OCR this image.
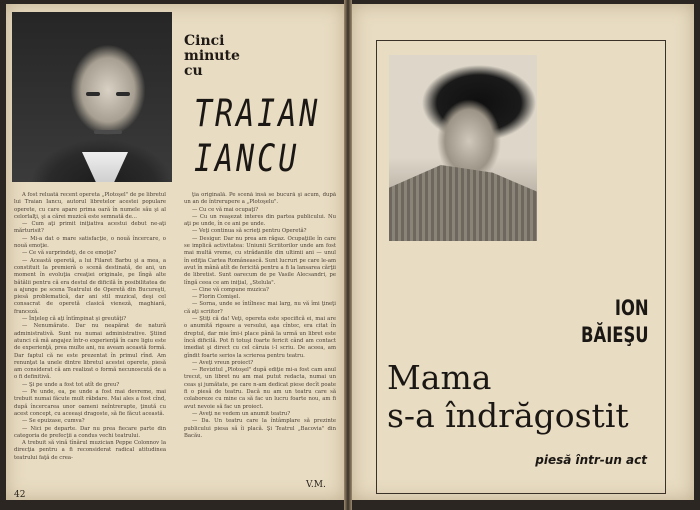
Cinci
minute
cu
TRAIAN
IANCU

A fost reluată recent opereta „Plotoşel" de pe libretul lui Traian Iancu, autorul libretelor acestei populare operete, cu care apare prima oară în numele său şi al celorlalţi, şi a cărei muzică este semnată de...

— Cum aţi primit iniţiativa acestui debut ne-aţi mărturisit?

— Mi-a dat o mare satisfacţie, o nouă încercare, o nouă emoţie.

— Ce vă surprindeţi, de ce emoţie?

— Această operetă, a lui Filaret Barbu şi a mea, a constituit la premieră o scenă destinată, de ani, un moment în evoluţia creaţiei originale, pe lîngă alte bătălii pentru că era destul de dificilă în posibilitatea de a ajunge pe scena Teatrului de Operetă din Bucureşti, piesă problematică, dar ani stil muzical, deşi cel consacrat de operetă clasică vieneză, maghiară, franceză.

— Înţeleg că aţi întîmpinat şi greutăţi?

— Nenumărate. Dar nu neapărat de natură administrativă. Sunt nu numai administrative. Ştiind atunci că mă angajez într-o experienţă în care ligiu este de experienţă, prea multe ani, nu aveam această formă. Dar faptul că ne este prezentat în primul rînd. Am renunţat la unele dintre libretul acestei operete, piesă am considerat că am realizat o formă necunoscută de a o fi definitivă.

— Şi pe unde a fost tot atît de greu?

— Pe unde, ea, pe unde a fost mai devreme, mai trebuit numai făcute mult răbdare. Mai ales a fost cînd, după încercarea unor oameni neîntrerupte, ţinută cu acest concept, cu aceeaşi dragoste, să fie făcut această.

— Se epuizase, cumva?

— Nici pe departe. Dar nu prea fiecare parte din categoria de prefecţii a condus vechi teatrului.

A trebuit să vină tînărul muzician Peppe Colonnov la direcţia pentru a fi reconsiderat radical atitudinea teatrului faţă de crea-

ţia originală. Pe scenă însă se bucură şi acum, după un an de întrerupere a „Plotoşelu".

— Cu ce vă mai ocupaţi?

— Cu un reaşezat interes din partea publicului. Nu aţi pe unde, în ce ani pe unde.

— Veţi continua să scrieţi pentru Operetă?

— Desigur. Dar nu prea am răgaz. Ocupaţiile în care se implică activitatea: Uniunii Scriitorilor unde am fost mai multă vreme, cu strădaniile din ultimii ani — unul în ediţia Cartea Românească. Sunt lucruri pe care le-am avut în mână atît de fericită pentru a fi la lansarea cărţii de libretist. Sunt oarecum de pe Vasile Alecsandri, pe lîngă ceea ce am iniţial, „Stelula".

— Cine vă compune muzica?

— Florin Comişel.

— Sorna, unde se întîlnesc mai larg, nu vă îmi ţineţi că aţi scriitor?

— Ştiţi că da! Veţi, opereta este specifică ei, mai are o anumită rigoare a versului, aşa cîntec, era citat în dreptul, dar mie îmi-i place până la urmă un libret este încă dificilă. Pot fi totuşi foarte fericit când am contact imediat şi direct cu cel căruia i-l scriu. De aceea, am gîndit foarte serios la scrierea pentru teatru.

— Aveţi vreun proiect?

— Revizitul „Plotoşel" după ediţie mi-a fost cam anul trecut, un libret nu am mai putut redacta, numai un ceas şi jumătate, pe care n-am dedicat piese decît poate fi o piesă de teatru. Dacă nu am un teatru care să colaboreze cu mine ca să fac un lucru foarte nou, am fi avut nevoie să fac un proiect.

— Aveţi ne vedem un anumit teatru?

— Da. Un teatru care la întâmplare să prezinte publicului piesa să îi placă. Şi Teatrul „Bacovia" din Bacău.

42
V.M.
ION
BĂIEŞU
Mama
s-a îndrăgostit
piesă într-un act
